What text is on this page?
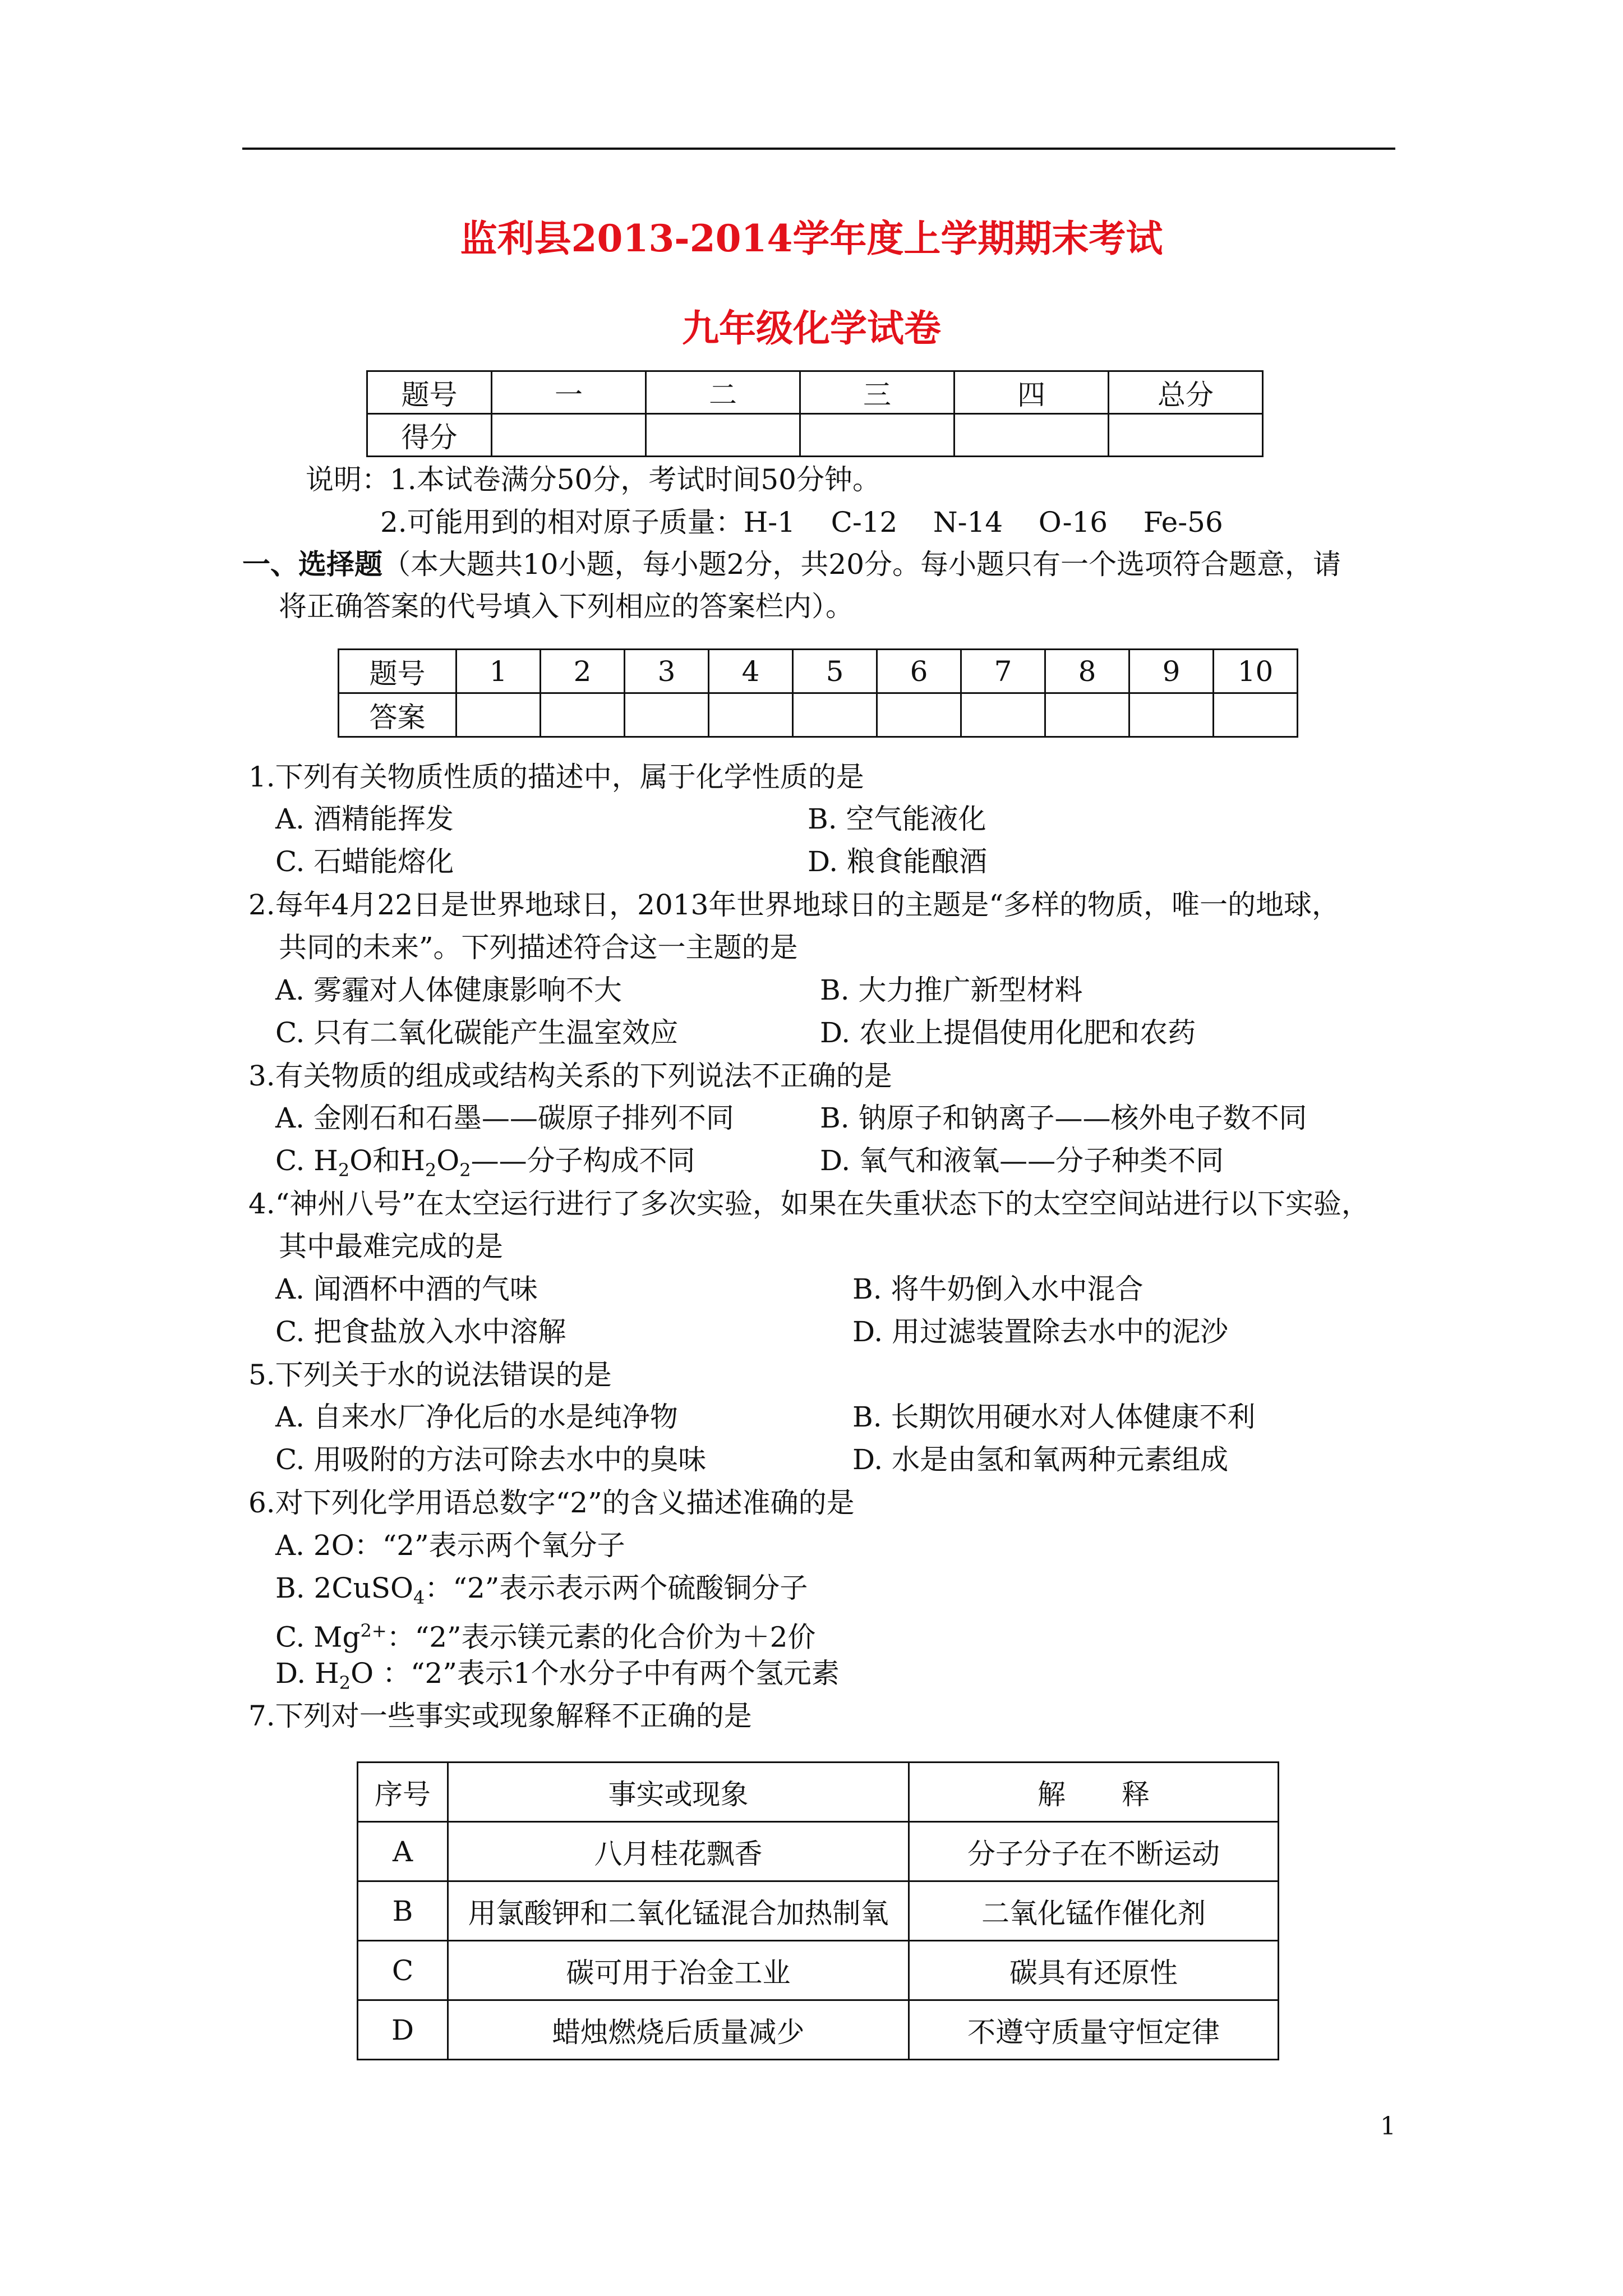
监利县2013-2014学年度上学期期末考试
九年级化学试卷
题号	一	二	三	四	总分
得分					
说明：1.本试卷满分50分，考试时间50分钟。
2.可能用到的相对原子质量：H-1    C-12    N-14    O-16    Fe-56
一、选择题（本大题共10小题，每小题2分，共20分。每小题只有一个选项符合题意，请
将正确答案的代号填入下列相应的答案栏内）。
题号	1	2	3	4	5	6	7	8	9	10
答案										
1.下列有关物质性质的描述中，属于化学性质的是
A. 酒精能挥发	B. 空气能液化
C. 石蜡能熔化	D. 粮食能酿酒
2.每年4月22日是世界地球日，2013年世界地球日的主题是“多样的物质，唯一的地球，
共同的未来”。下列描述符合这一主题的是
A. 雾霾对人体健康影响不大	B. 大力推广新型材料
C. 只有二氧化碳能产生温室效应	D. 农业上提倡使用化肥和农药
3.有关物质的组成或结构关系的下列说法不正确的是
A. 金刚石和石墨——碳原子排列不同	B. 钠原子和钠离子——核外电子数不同
C. $H_2O$和$H_2O_2——$分子构成不同	D. 氧气和液氧——分子种类不同
4.“神州八号”在太空运行进行了多次实验，如果在失重状态下的太空空间站进行以下实验，
其中最难完成的是
A. 闻酒杯中酒的气味	B. 将牛奶倒入水中混合
C. 把食盐放入水中溶解	D. 用过滤装置除去水中的泥沙
5.下列关于水的说法错误的是
A. 自来水厂净化后的水是纯净物	B. 长期饮用硬水对人体健康不利
C. 用吸附的方法可除去水中的臭味	D. 水是由氢和氧两种元素组成
6.对下列化学用语总数字“2”的含义描述准确的是
A. 2O：“2”表示两个氧分子
B. 2CuSO$_4$：“2”表示表示两个硫酸铜分子
C. $Mg^{2+}$：“2”表示镁元素的化合价为＋2价
D. $H_2O$ ：“2”表示1个水分子中有两个氢元素
7.下列对一些事实或现象解释不正确的是
序号	事实或现象	解　　释
A	八月桂花飘香	分子分子在不断运动
B	用氯酸钾和二氧化锰混合加热制氧	二氧化锰作催化剂
C	碳可用于冶金工业	碳具有还原性
D	蜡烛燃烧后质量减少	不遵守质量守恒定律
1
